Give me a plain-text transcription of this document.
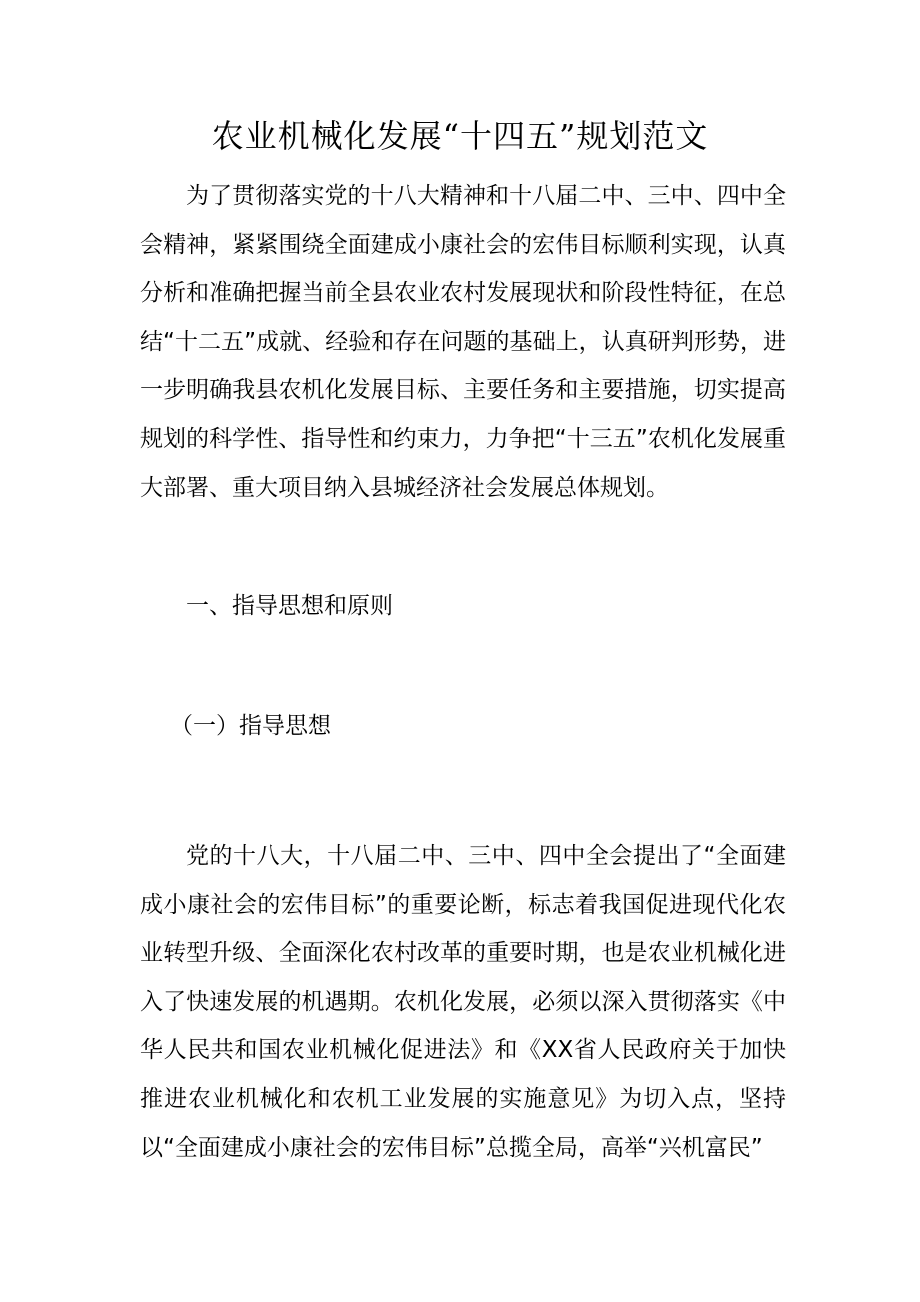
农业机械化发展“十四五”规划范文

为了贯彻落实党的十八大精神和十八届二中、三中、四中全会精神，紧紧围绕全面建成小康社会的宏伟目标顺利实现，认真分析和准确把握当前全县农业农村发展现状和阶段性特征，在总结“十二五”成就、经验和存在问题的基础上，认真研判形势，进一步明确我县农机化发展目标、主要任务和主要措施，切实提高规划的科学性、指导性和约束力，力争把“十三五”农机化发展重大部署、重大项目纳入县城经济社会发展总体规划。

一、指导思想和原则
（一）指导思想

党的十八大，十八届二中、三中、四中全会提出了“全面建成小康社会的宏伟目标”的重要论断，标志着我国促进现代化农业转型升级、全面深化农村改革的重要时期，也是农业机械化进入了快速发展的机遇期。农机化发展，必须以深入贯彻落实《中华人民共和国农业机械化促进法》和《XX省人民政府关于加快推进农业机械化和农机工业发展的实施意见》为切入点，坚持以“全面建成小康社会的宏伟目标”总揽全局，高举“兴机富民”
